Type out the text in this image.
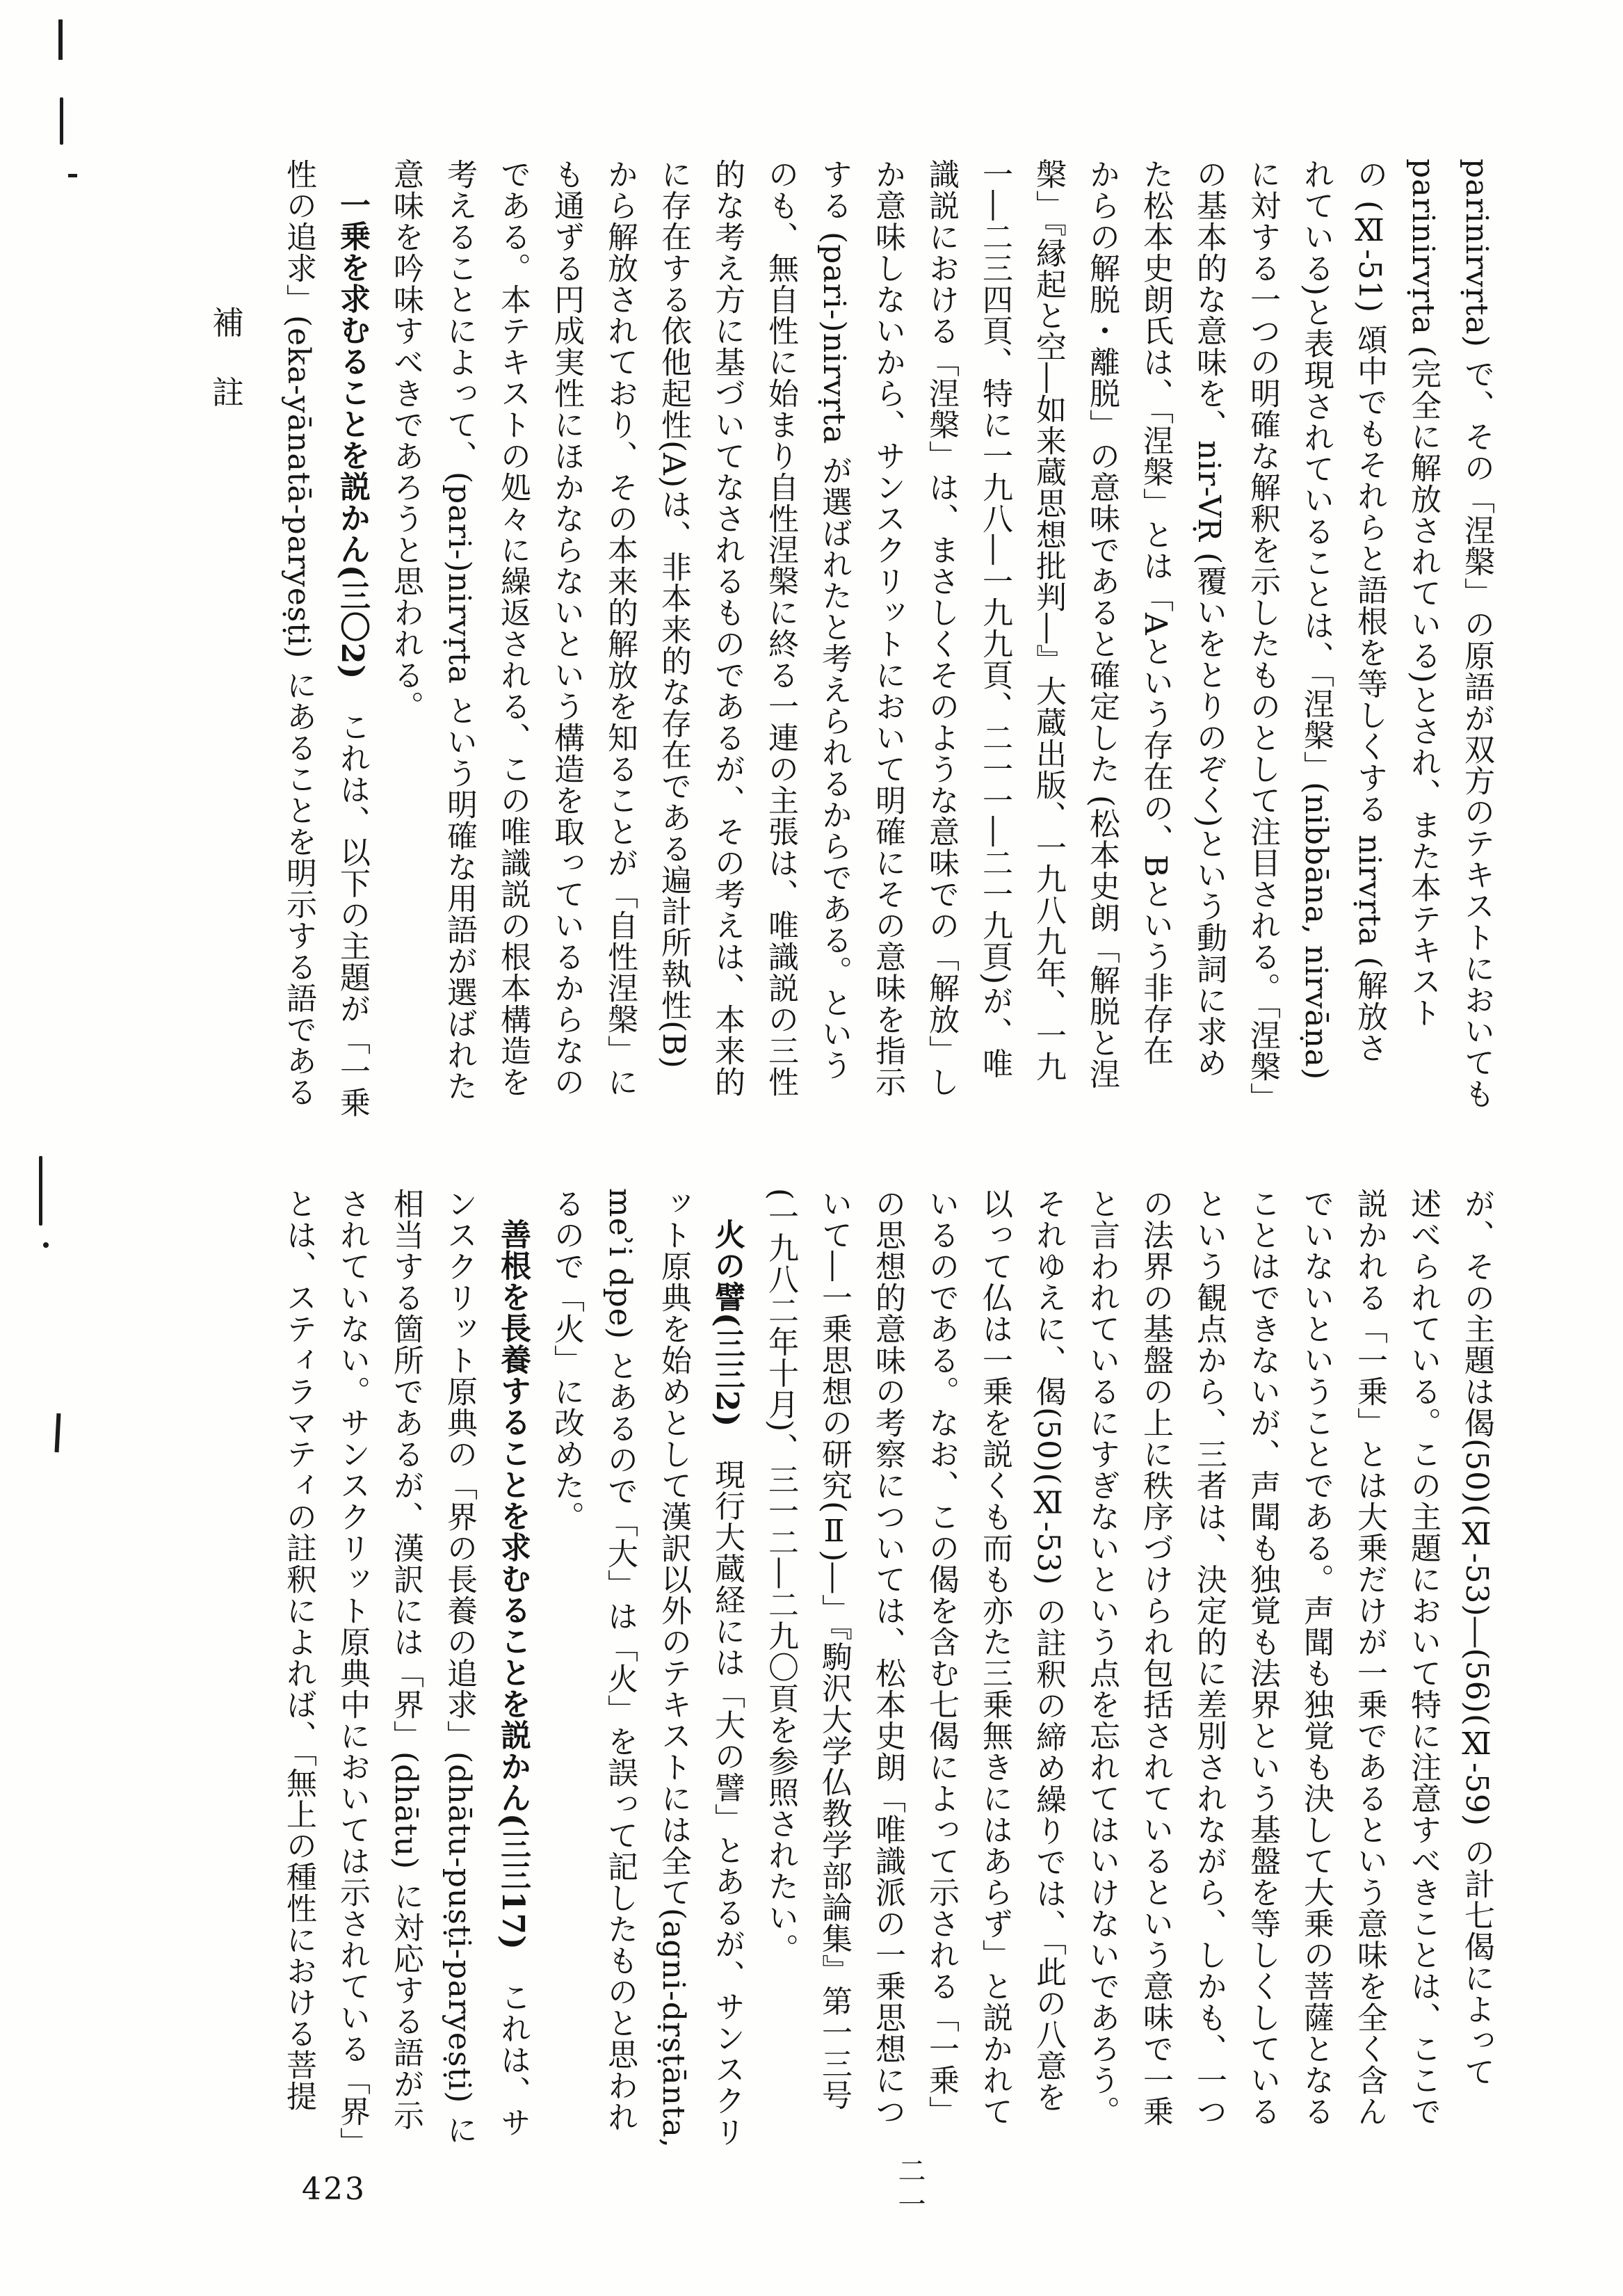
parinirvṛta) で、その「涅槃」の原語が双方のテキストにおいても
parinirvṛta (完全に解放されている)とされ、また本テキスト
の (Ⅺ-51) 頌中でもそれらと語根を等しくする nirvṛta (解放さ
れている)と表現されていることは、「涅槃」(nibbāna, nirvāṇa)
に対する一つの明確な解釈を示したものとして注目される。「涅槃」
の基本的な意味を、nir-VṚ (覆いをとりのぞく)という動詞に求め
た松本史朗氏は、「涅槃」とは「Aという存在の、Bという非存在
からの解脱・離脱」の意味であると確定した (松本史朗「解脱と涅
槃」『縁起と空―如来蔵思想批判―』大蔵出版、一九八九年、一九
一―二三四頁、特に一九八―一九九頁、二一一―二一九頁)が、唯
識説における「涅槃」は、まさしくそのような意味での「解放」し
か意味しないから、サンスクリットにおいて明確にその意味を指示
する (pari-)nirvṛta が選ばれたと考えられるからである。という
のも、無自性に始まり自性涅槃に終る一連の主張は、唯識説の三性
的な考え方に基づいてなされるものであるが、その考えは、本来的
に存在する依他起性(A)は、非本来的な存在である遍計所執性(B)
から解放されており、その本来的解放を知ることが「自性涅槃」に
も通ずる円成実性にほかならないという構造を取っているからなの
である。本テキストの処々に繰返される、この唯識説の根本構造を
考えることによって、(pari-)nirvṛta という明確な用語が選ばれた
意味を吟味すべきであろうと思われる。
一乗を求むることを説かん(三〇2)　これは、以下の主題が「一乗
性の追求」(eka-yānatā-paryeṣṭi) にあることを明示する語である
補　註
が、その主題は偈(50)(Ⅺ-53)―(56)(Ⅺ-59) の計七偈によって
述べられている。この主題において特に注意すべきことは、ここで
説かれる「一乗」とは大乗だけが一乗であるという意味を全く含ん
でいないということである。声聞も独覚も決して大乗の菩薩となる
ことはできないが、声聞も独覚も法界という基盤を等しくしている
という観点から、三者は、決定的に差別されながら、しかも、一つ
の法界の基盤の上に秩序づけられ包括されているという意味で一乗
と言われているにすぎないという点を忘れてはいけないであろう。
それゆえに、偈(50)(Ⅺ-53) の註釈の締め繰りでは、「此の八意を
以って仏は一乗を説くも而も亦た三乗無きにはあらず」と説かれて
いるのである。なお、この偈を含む七偈によって示される「一乗」
の思想的意味の考察については、松本史朗「唯識派の一乗思想につ
いて―一乗思想の研究(Ⅱ)―」『駒沢大学仏教学部論集』第一三号
(一九八二年十月)、三一二―二九〇頁を参照されたい。
火の譬(三三2)　現行大蔵経には「大の譬」とあるが、サンスクリ
ット原典を始めとして漢訳以外のテキストには全て(agni-dṛṣṭānta,
meʾi dpe) とあるので「大」は「火」を誤って記したものと思われ
るので「火」に改めた。
善根を長養することを求むることを説かん(三三17)　これは、サ
ンスクリット原典の「界の長養の追求」(dhātu-puṣṭi-paryeṣṭi) に
相当する箇所であるが、漢訳には「界」(dhātu) に対応する語が示
されていない。サンスクリット原典中においては示されている「界」
とは、スティラマティの註釈によれば、「無上の種性における菩提
二一
423
